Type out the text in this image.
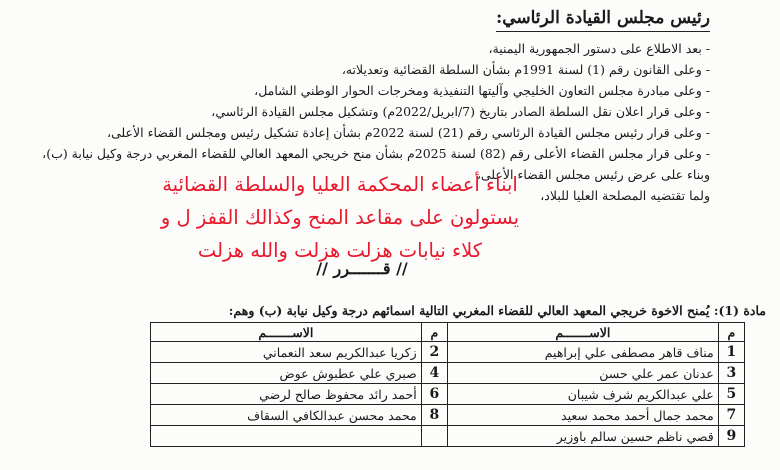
رئيس مجلس القيادة الرئاسي:
- بعد الاطلاع على دستور الجمهورية اليمنية،
- وعلى القانون رقم (1) لسنة 1991م بشأن السلطة القضائية وتعديلاته،
- وعلى مبادرة مجلس التعاون الخليجي وآليتها التنفيذية ومخرجات الحوار الوطني الشامل،
- وعلى قرار اعلان نقل السلطة الصادر بتاريخ (7/ابريل/2022م) وتشكيل مجلس القيادة الرئاسي،
- وعلى قرار رئيس مجلس القيادة الرئاسي رقم (21) لسنة 2022م بشأن إعادة تشكيل رئيس ومجلس القضاء الأعلى،
- وعلى قرار مجلس القضاء الأعلى رقم (82) لسنة 2025م بشأن منح خريجي المعهد العالي للقضاء المغربي درجة وكيل نيابة (ب)،
وبناء على عرض رئيس مجلس القضاء الأعلى،
ولما تقتضيه المصلحة العليا للبلاد،
ابناء أعضاء المحكمة العليا والسلطة القضائية
يستولون على مقاعد المنح وكذالك القفز ل و
كلاء نيابات هزلت هزلت والله هزلت
// قـــــــرر //

مادة (1): يُمنح الاخوة خريجي المعهد العالي للقضاء المغربي التالية اسمائهم درجة وكيل نيابة (ب) وهم:

م	الاســـــــم	م	الاســـــــم
1	مناف قاهر مصطفى علي إبراهيم	2	زكريا عبدالكريم سعد النعماني
3	عدنان عمر علي حسن	4	صبري علي عطبوش عوض
5	علي عبدالكريم شرف شيبان	6	أحمد رائد محفوظ صالح لرضي
7	محمد جمال أحمد محمد سعيد	8	محمد محسن عبدالكافي السقاف
9	قصي ناظم حسين سالم باوزير		
